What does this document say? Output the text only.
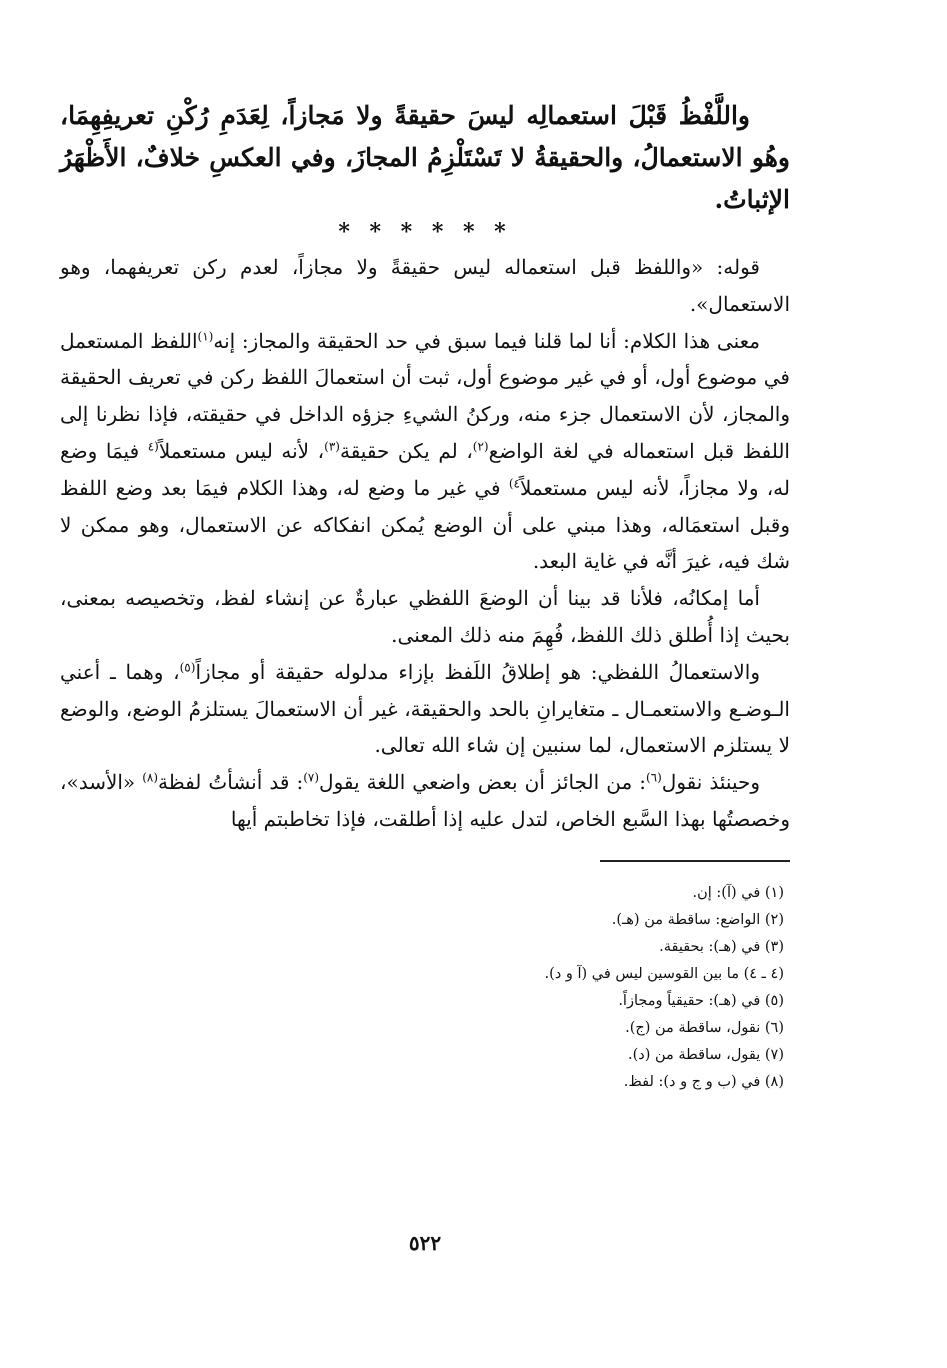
واللَّفْظُ قَبْلَ استعمالِه ليسَ حقيقةً ولا مَجازاً، لِعَدَمِ رُكْنِ تعريفِهِمَا، وهُو الاستعمالُ، والحقيقةُ لا تَسْتَلْزِمُ المجازَ، وفي العكسِ خلافٌ، الأَظْهَرُ الإثباتُ.

* * * * * *

قوله: «واللفظ قبل استعماله ليس حقيقةً ولا مجازاً، لعدم ركن تعريفهما، وهو الاستعمال».

معنى هذا الكلام: أنا لما قلنا فيما سبق في حد الحقيقة والمجاز: إنه$^{(١)}$اللفظ المستعمل في موضوع أول، أو في غير موضوع أول، ثبت أن استعمالَ اللفظ ركن في تعريف الحقيقة والمجاز، لأن الاستعمال جزء منه، وركنُ الشيءِ جزؤه الداخل في حقيقته، فإذا نظرنا إلى اللفظ قبل استعماله في لغة الواضع$^{(٢)}$، لم يكن حقيقة$^{(٣)}$، لأنه ليس مستعملاً$^{(٤}$ فيمَا وضع له، ولا مجازاً، لأنه ليس مستعملاً$^{٤)}$ في غير ما وضع له، وهذا الكلام فيمَا بعد وضع اللفظ وقبل استعمَاله، وهذا مبني على أن الوضع يُمكن انفكاكه عن الاستعمال، وهو ممكن لا شك فيه، غيرَ أنَّه في غاية البعد.

أما إمكانُه، فلأنا قد بينا أن الوضعَ اللفظي عبارةٌ عن إنشاء لفظ، وتخصيصه بمعنى، بحيث إذا أُطلق ذلك اللفظ، فُهِمَ منه ذلك المعنى.

والاستعمالُ اللفظي: هو إطلاقُ اللَفظ بإزاء مدلوله حقيقة أو مجازاً$^{(٥)}$، وهما ـ أعني الـوضـع والاستعمـال ـ متغايرانِ بالحد والحقيقة، غير أن الاستعمالَ يستلزمُ الوضع، والوضع لا يستلزم الاستعمال، لما سنبين إن شاء الله تعالى.

وحينئذ نقول$^{(٦)}$: من الجائز أن بعض واضعي اللغة يقول$^{(٧)}$: قد أنشأتُ لفظة$^{(٨)}$ «الأسد»، وخصصتُها بهذا السَّبع الخاص، لتدل عليه إذا أطلقت، فإذا تخاطبتم أيها

(١) في (آ): إن.

(٢) الواضع: ساقطة من (هـ).

(٣) في (هـ): بحقيقة.

(٤ ـ ٤) ما بين القوسين ليس في (آ و د).

(٥) في (هـ): حقيقياً ومجازاً.

(٦) نقول، ساقطة من (ج).

(٧) يقول، ساقطة من (د).

(٨) في (ب و ج و د): لفظ.

٥٢٢
